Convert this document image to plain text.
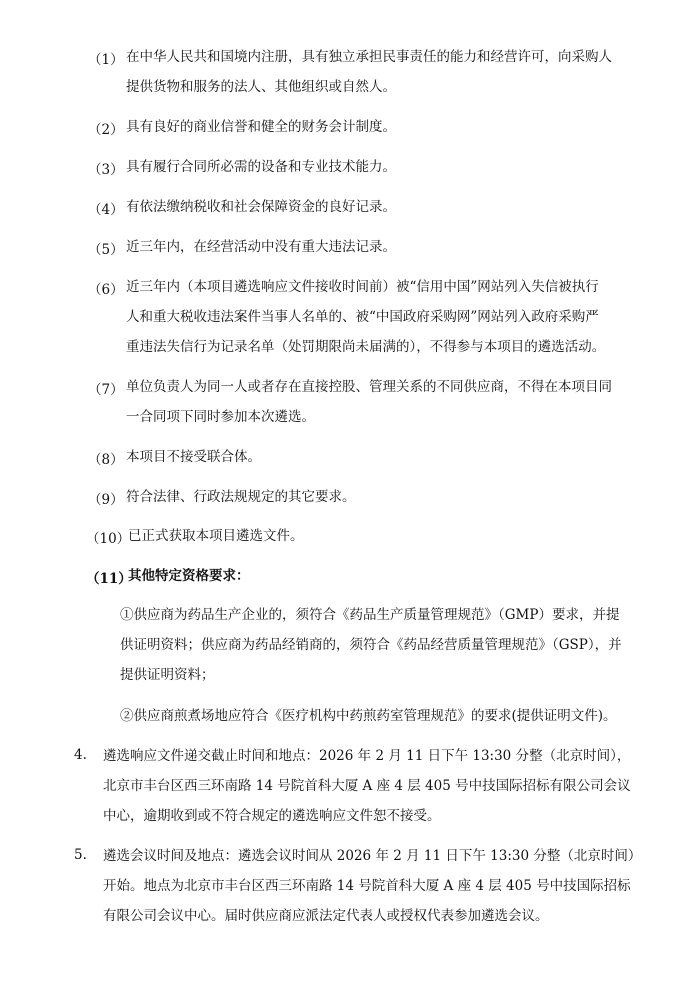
（1） 在中华人民共和国境内注册，具有独立承担民事责任的能力和经营许可，向采购人
提供货物和服务的法人、其他组织或自然人。
（2） 具有良好的商业信誉和健全的财务会计制度。
（3） 具有履行合同所必需的设备和专业技术能力。
（4） 有依法缴纳税收和社会保障资金的良好记录。
（5） 近三年内，在经营活动中没有重大违法记录。
（6） 近三年内（本项目遴选响应文件接收时间前）被“信用中国”网站列入失信被执行
人和重大税收违法案件当事人名单的、被“中国政府采购网”网站列入政府采购严
重违法失信行为记录名单（处罚期限尚未届满的），不得参与本项目的遴选活动。
（7） 单位负责人为同一人或者存在直接控股、管理关系的不同供应商，不得在本项目同
一合同项下同时参加本次遴选。
（8） 本项目不接受联合体。
（9） 符合法律、行政法规规定的其它要求。
（10）
已正式获取本项目遴选文件。
（11）
其他特定资格要求：
①供应商为药品生产企业的，须符合《药品生产质量管理规范》（GMP）要求，并提
供证明资料；供应商为药品经销商的，须符合《药品经营质量管理规范》（GSP），并
提供证明资料；
②供应商煎煮场地应符合《医疗机构中药煎药室管理规范》的要求(提供证明文件)。
4. 遴选响应文件递交截止时间和地点：2026 年 2 月 11 日下午 13:30 分整（北京时间），
北京市丰台区西三环南路 14 号院首科大厦 A 座 4 层 405 号中技国际招标有限公司会议
中心，逾期收到或不符合规定的遴选响应文件恕不接受。
5. 遴选会议时间及地点：遴选会议时间从 2026 年 2 月 11 日下午 13:30 分整（北京时间）
开始。地点为北京市丰台区西三环南路 14 号院首科大厦 A 座 4 层 405 号中技国际招标
有限公司会议中心。届时供应商应派法定代表人或授权代表参加遴选会议。
